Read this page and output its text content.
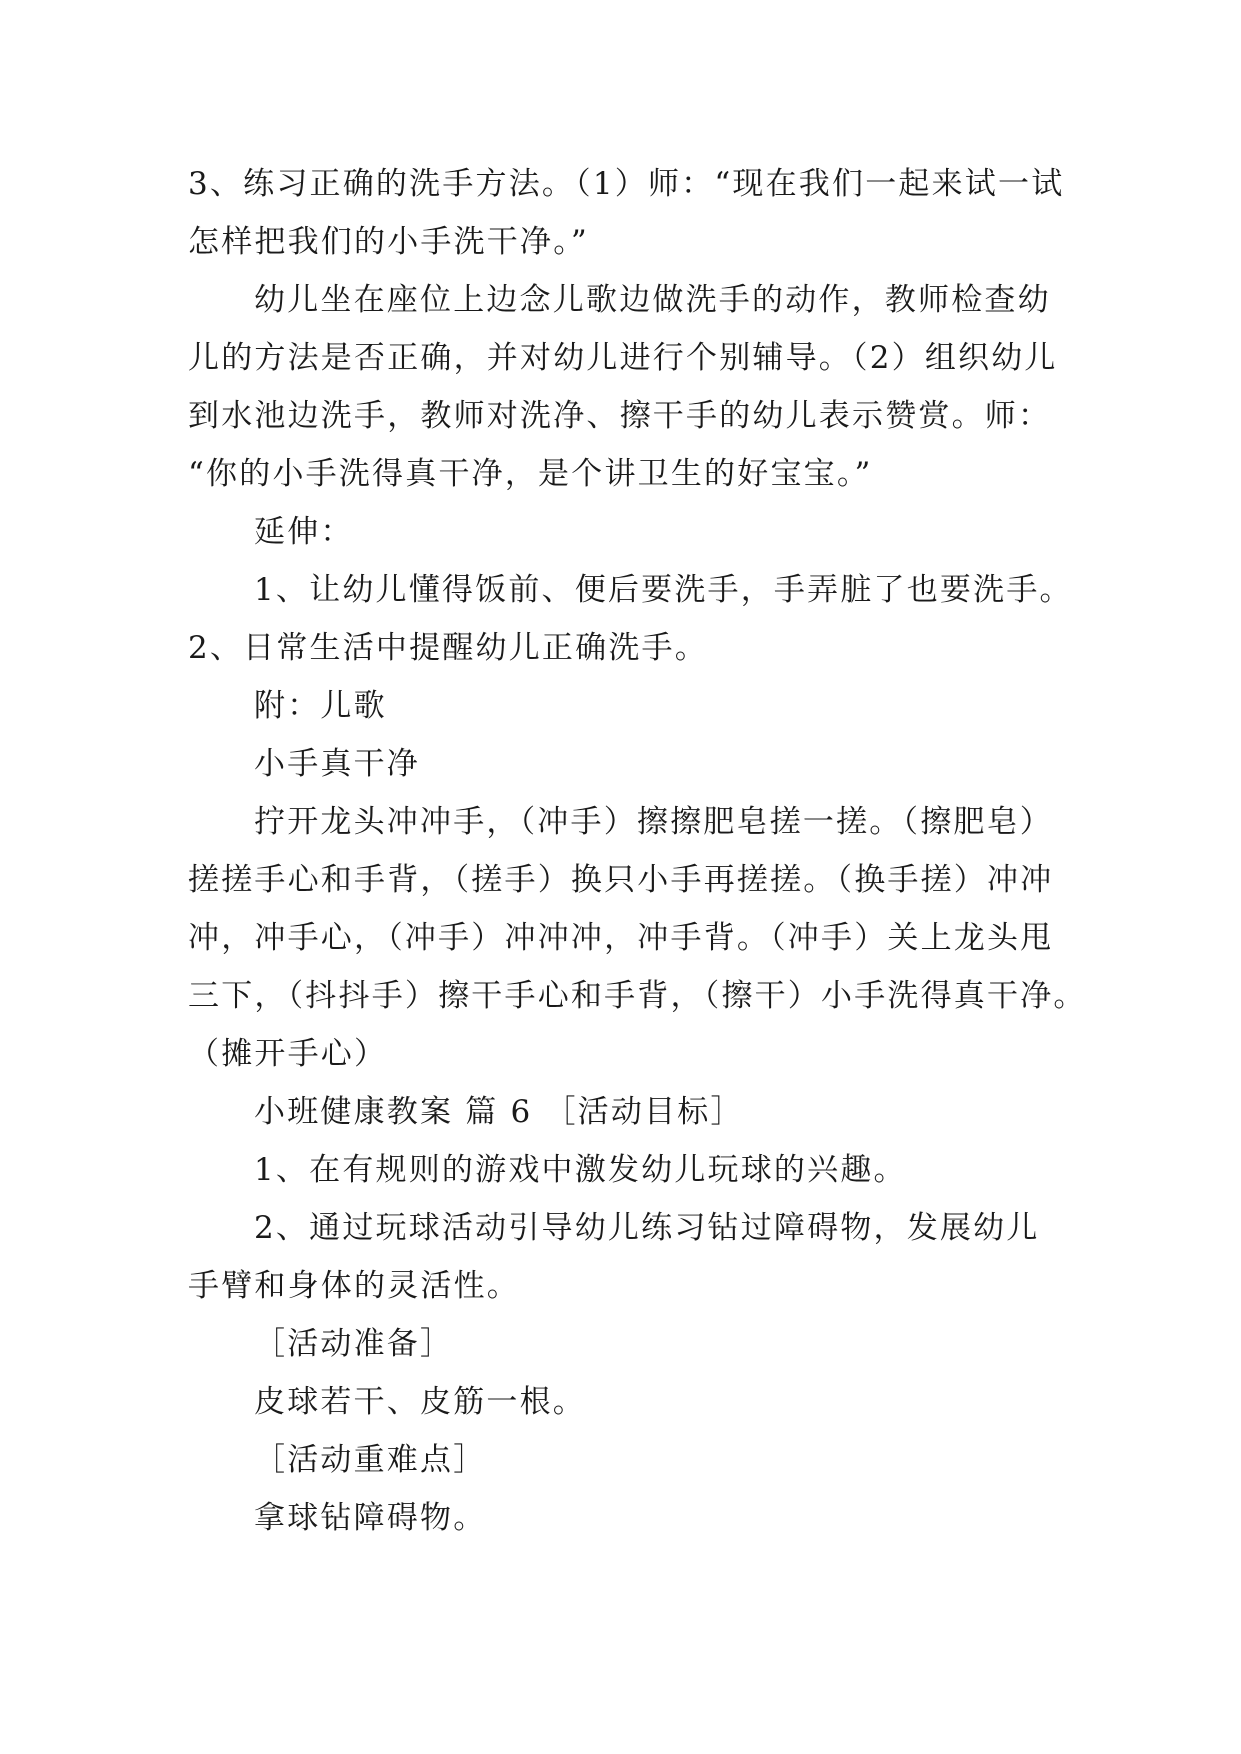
3、练习正确的洗手方法。（1）师：“现在我们一起来试一试
怎样把我们的小手洗干净。”
幼儿坐在座位上边念儿歌边做洗手的动作，教师检查幼
儿的方法是否正确，并对幼儿进行个别辅导。（2）组织幼儿
到水池边洗手，教师对洗净、擦干手的幼儿表示赞赏。师：
“你的小手洗得真干净，是个讲卫生的好宝宝。”
延伸：
1、让幼儿懂得饭前、便后要洗手，手弄脏了也要洗手。
2、日常生活中提醒幼儿正确洗手。
附：儿歌
小手真干净
拧开龙头冲冲手，（冲手）擦擦肥皂搓一搓。（擦肥皂）
搓搓手心和手背，（搓手）换只小手再搓搓。（换手搓）冲冲
冲，冲手心，（冲手）冲冲冲，冲手背。（冲手）关上龙头甩
三下，（抖抖手）擦干手心和手背，（擦干）小手洗得真干净。
（摊开手心）
小班健康教案 篇 6 ［活动目标］
1、在有规则的游戏中激发幼儿玩球的兴趣。
2、通过玩球活动引导幼儿练习钻过障碍物，发展幼儿
手臂和身体的灵活性。
［活动准备］
皮球若干、皮筋一根。
［活动重难点］
拿球钻障碍物。
